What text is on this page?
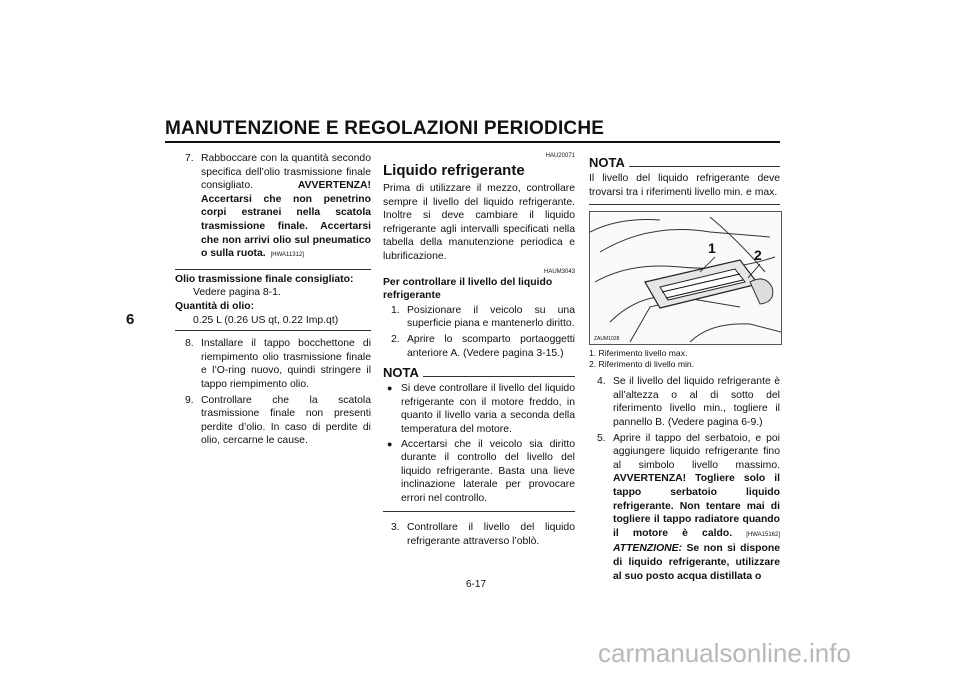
MANUTENZIONE E REGOLAZIONI PERIODICHE
6
7. Rabboccare con la quantità secondo specifica dell’olio trasmissione finale consigliato.	AVVERTENZA! Accertarsi che non penetrino corpi estranei nella scatola trasmissione finale. Accertarsi che non arrivi olio sul pneumatico o sulla ruota. [HWA11312]
Olio trasmissione finale consigliato:
Vedere pagina 8-1.
Quantità di olio:
0.25 L (0.26 US qt, 0.22 Imp.qt)
8. Installare il tappo bocchettone di riempimento olio trasmissione finale e l’O-ring nuovo, quindi stringere il tappo riempimento olio.
9. Controllare che la scatola trasmissione finale non presenti perdite d’olio. In caso di perdite di olio, cercarne le cause.
HAU20071
Liquido refrigerante
Prima di utilizzare il mezzo, controllare sempre il livello del liquido refrigerante. Inoltre si deve cambiare il liquido refrigerante agli intervalli specificati nella tabella della manutenzione periodica e lubrificazione.
HAUM3043
Per controllare il livello del liquido refrigerante
1. Posizionare il veicolo su una superficie piana e mantenerlo diritto.
2. Aprire lo scomparto portaoggetti anteriore A. (Vedere pagina 3-15.)
NOTA
● Si deve controllare il livello del liquido refrigerante con il motore freddo, in quanto il livello varia a seconda della temperatura del motore.
● Accertarsi che il veicolo sia diritto durante il controllo del livello del liquido refrigerante. Basta una lieve inclinazione laterale per provocare errori nel controllo.
3. Controllare il livello del liquido refrigerante attraverso l’oblò.
NOTA
Il livello del liquido refrigerante deve trovarsi tra i riferimenti livello min. e max.
1	2
ZAUM1028
1. Riferimento livello max.
2. Riferimento di livello min.
4. Se il livello del liquido refrigerante è all’altezza o al di sotto del riferimento livello min., togliere il pannello B. (Vedere pagina 6-9.)
5. Aprire il tappo del serbatoio, e poi aggiungere liquido refrigerante fino al simbolo livello massimo. AVVERTENZA! Togliere solo il tappo serbatoio liquido refrigerante. Non tentare mai di togliere il tappo radiatore quando il motore è caldo. [HWA15162] ATTENZIONE: Se non si dispone di liquido refrigerante, utilizzare al suo posto acqua distillata o
6-17
carmanualsonline.info
